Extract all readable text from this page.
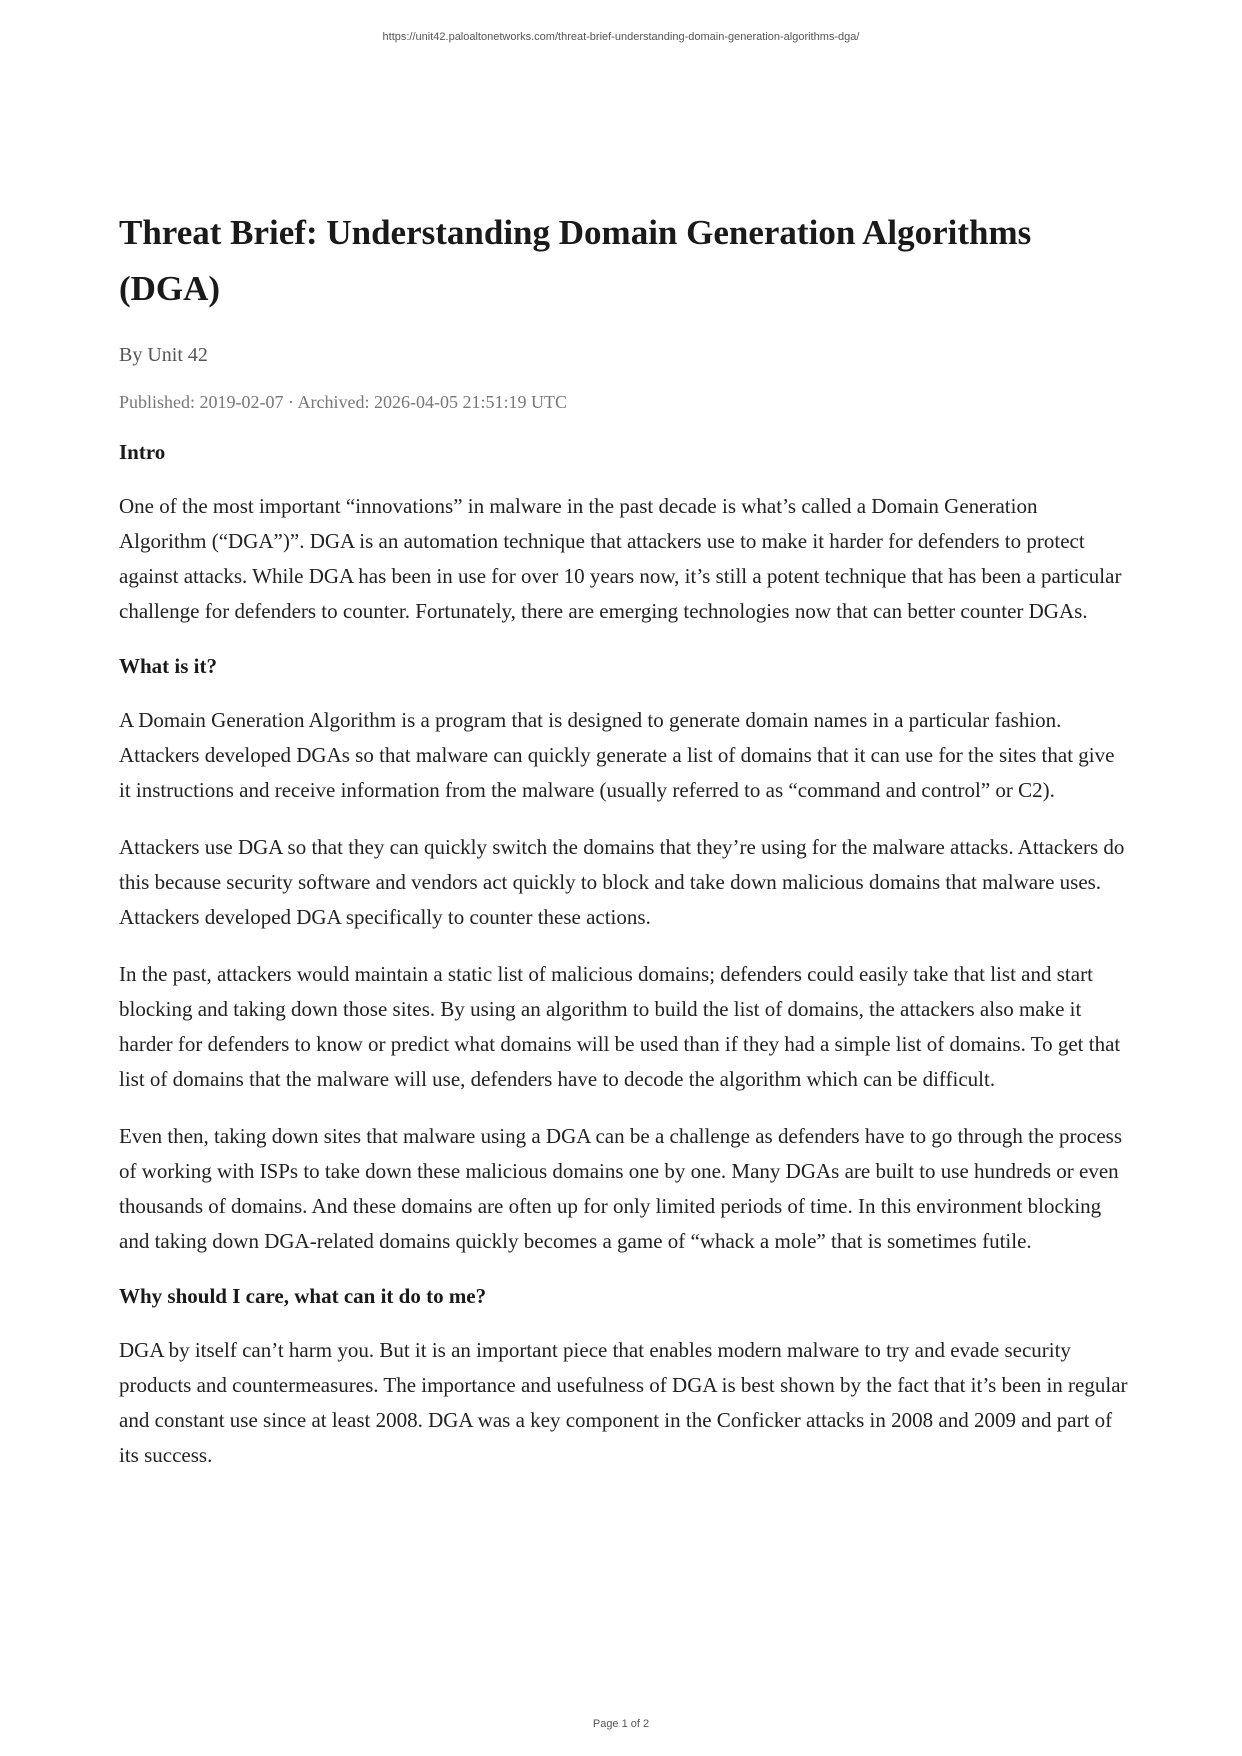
https://unit42.paloaltonetworks.com/threat-brief-understanding-domain-generation-algorithms-dga/
Threat Brief: Understanding Domain Generation Algorithms (DGA)
By Unit 42
Published: 2019-02-07 · Archived: 2026-04-05 21:51:19 UTC
Intro

One of the most important “innovations” in malware in the past decade is what’s called a Domain Generation Algorithm (“DGA”)”. DGA is an automation technique that attackers use to make it harder for defenders to protect against attacks. While DGA has been in use for over 10 years now, it’s still a potent technique that has been a particular challenge for defenders to counter. Fortunately, there are emerging technologies now that can better counter DGAs.

What is it?

A Domain Generation Algorithm is a program that is designed to generate domain names in a particular fashion. Attackers developed DGAs so that malware can quickly generate a list of domains that it can use for the sites that give it instructions and receive information from the malware (usually referred to as “command and control” or C2).

Attackers use DGA so that they can quickly switch the domains that they’re using for the malware attacks. Attackers do this because security software and vendors act quickly to block and take down malicious domains that malware uses. Attackers developed DGA specifically to counter these actions.

In the past, attackers would maintain a static list of malicious domains; defenders could easily take that list and start blocking and taking down those sites. By using an algorithm to build the list of domains, the attackers also make it harder for defenders to know or predict what domains will be used than if they had a simple list of domains. To get that list of domains that the malware will use, defenders have to decode the algorithm which can be difficult.

Even then, taking down sites that malware using a DGA can be a challenge as defenders have to go through the process of working with ISPs to take down these malicious domains one by one. Many DGAs are built to use hundreds or even thousands of domains. And these domains are often up for only limited periods of time. In this environment blocking and taking down DGA-related domains quickly becomes a game of “whack a mole” that is sometimes futile.

Why should I care, what can it do to me?

DGA by itself can’t harm you. But it is an important piece that enables modern malware to try and evade security products and countermeasures. The importance and usefulness of DGA is best shown by the fact that it’s been in regular and constant use since at least 2008. DGA was a key component in the Conficker attacks in 2008 and 2009 and part of its success.

Page 1 of 2
